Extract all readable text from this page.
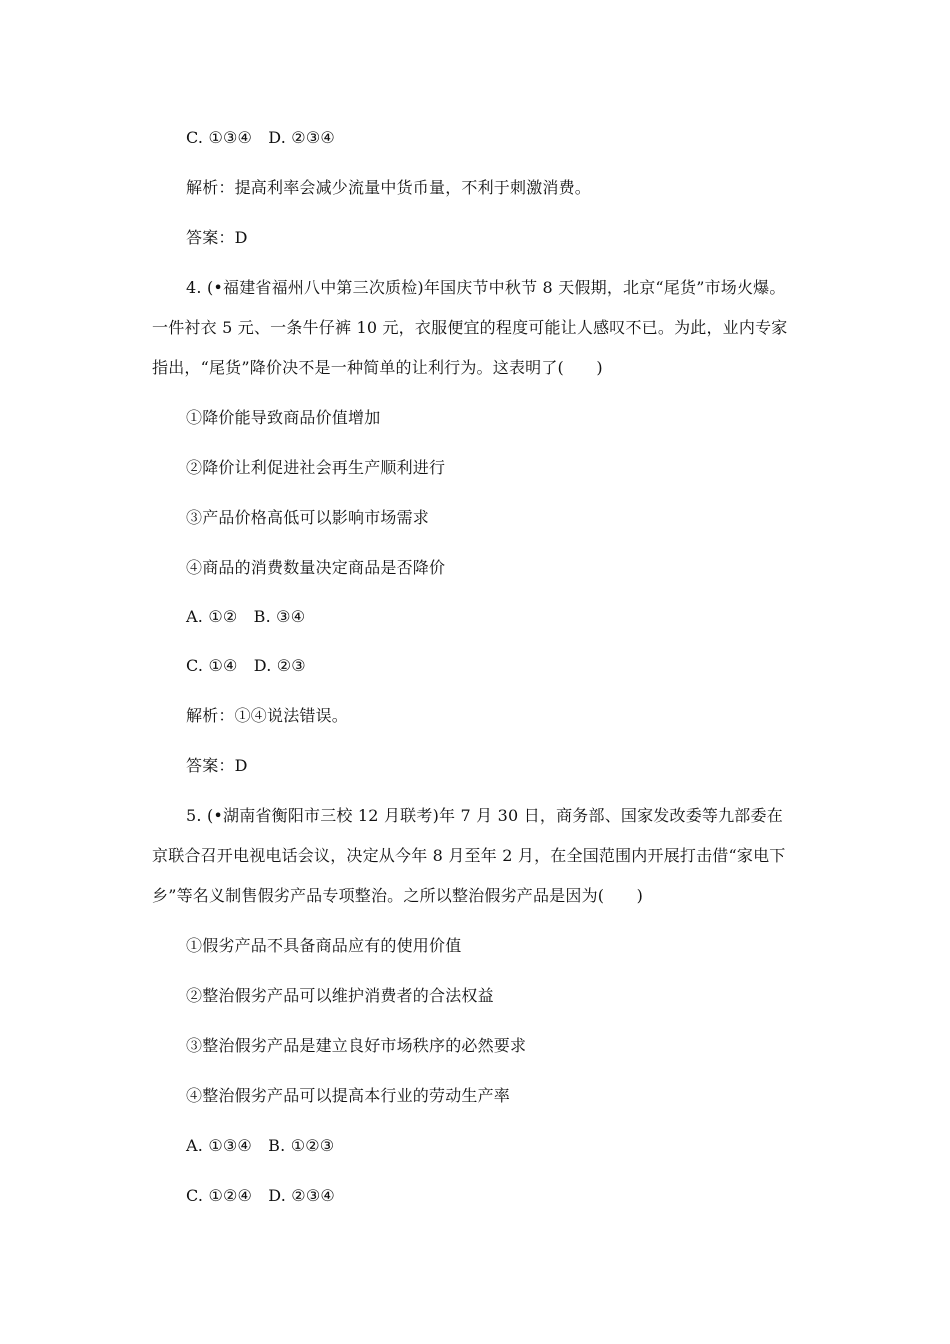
C. ①③④　D. ②③④
解析：提高利率会减少流量中货币量，不利于刺激消费。
答案：D
4. (•福建省福州八中第三次质检)年国庆节中秋节 8 天假期，北京“尾货”市场火爆。
一件衬衣 5 元、一条牛仔裤 10 元，衣服便宜的程度可能让人感叹不已。为此，业内专家
指出，“尾货”降价决不是一种简单的让利行为。这表明了(　　)
①降价能导致商品价值增加
②降价让利促进社会再生产顺利进行
③产品价格高低可以影响市场需求
④商品的消费数量决定商品是否降价
A. ①②　B. ③④
C. ①④　D. ②③
解析：①④说法错误。
答案：D
5. (•湖南省衡阳市三校 12 月联考)年 7 月 30 日，商务部、国家发改委等九部委在
京联合召开电视电话会议，决定从今年 8 月至年 2 月，在全国范围内开展打击借“家电下
乡”等名义制售假劣产品专项整治。之所以整治假劣产品是因为(　　)
①假劣产品不具备商品应有的使用价值
②整治假劣产品可以维护消费者的合法权益
③整治假劣产品是建立良好市场秩序的必然要求
④整治假劣产品可以提高本行业的劳动生产率
A. ①③④　B. ①②③
C. ①②④　D. ②③④
